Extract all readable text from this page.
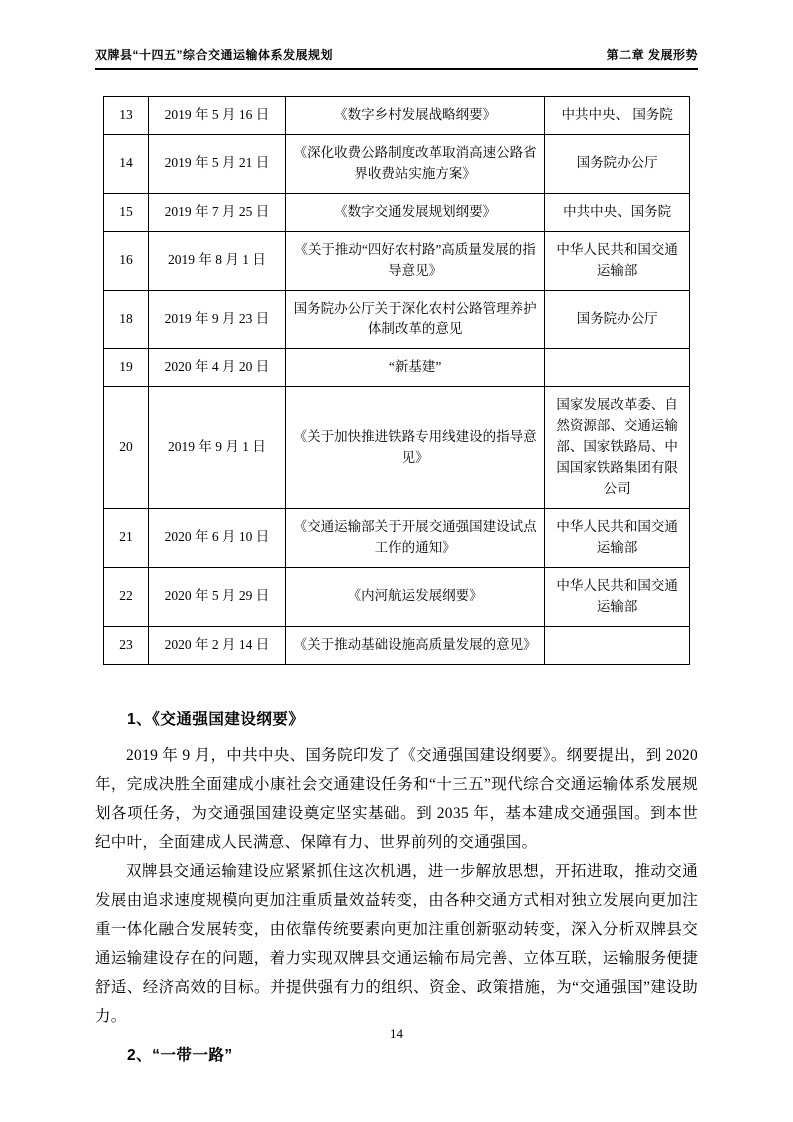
双牌县“十四五”综合交通运输体系发展规划	第二章 发展形势
13	2019 年 5 月 16 日	《数字乡村发展战略纲要》	中共中央、 国务院
14	2019 年 5 月 21 日	《深化收费公路制度改革取消高速公路省界收费站实施方案》	国务院办公厅
15	2019 年 7 月 25 日	《数字交通发展规划纲要》	中共中央、国务院
16	2019 年 8 月 1 日	《关于推动“四好农村路”高质量发展的指导意见》	中华人民共和国交通运输部
18	2019 年 9 月 23 日	国务院办公厅关于深化农村公路管理养护体制改革的意见	国务院办公厅
19	2020 年 4 月 20 日	“新基建”	
20	2019 年 9 月 1 日	《关于加快推进铁路专用线建设的指导意见》	国家发展改革委、自然资源部、交通运输部、国家铁路局、中国国家铁路集团有限公司
21	2020 年 6 月 10 日	《交通运输部关于开展交通强国建设试点工作的通知》	中华人民共和国交通运输部
22	2020 年 5 月 29 日	《内河航运发展纲要》	中华人民共和国交通运输部
23	2020 年 2 月 14 日	《关于推动基础设施高质量发展的意见》	
1、《交通强国建设纲要》

2019 年 9 月，中共中央、国务院印发了《交通强国建设纲要》。纲要提出，到 2020 年，完成决胜全面建成小康社会交通建设任务和“十三五”现代综合交通运输体系发展规划各项任务，为交通强国建设奠定坚实基础。到 2035 年，基本建成交通强国。到本世纪中叶，全面建成人民满意、保障有力、世界前列的交通强国。

双牌县交通运输建设应紧紧抓住这次机遇，进一步解放思想，开拓进取，推动交通发展由追求速度规模向更加注重质量效益转变，由各种交通方式相对独立发展向更加注重一体化融合发展转变，由依靠传统要素向更加注重创新驱动转变，深入分析双牌县交通运输建设存在的问题，着力实现双牌县交通运输布局完善、立体互联，运输服务便捷舒适、经济高效的目标。并提供强有力的组织、资金、政策措施，为“交通强国”建设助力。

2、“一带一路”
14
